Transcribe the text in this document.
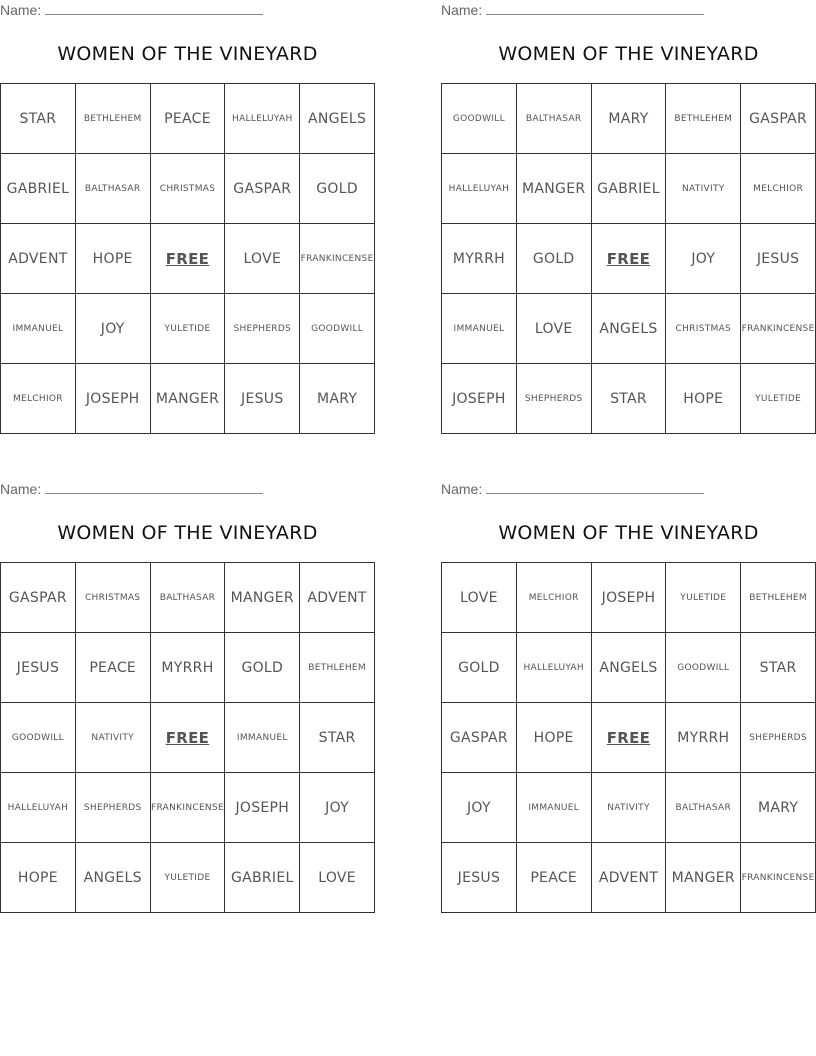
Name:
WOMEN OF THE VINEYARD
STAR	BETHLEHEM	PEACE	HALLELUYAH	ANGELS
GABRIEL	BALTHASAR	CHRISTMAS	GASPAR	GOLD
ADVENT	HOPE	FREE	LOVE	FRANKINCENSE
IMMANUEL	JOY	YULETIDE	SHEPHERDS	GOODWILL
MELCHIOR	JOSEPH	MANGER	JESUS	MARY
Name:
WOMEN OF THE VINEYARD
GOODWILL	BALTHASAR	MARY	BETHLEHEM	GASPAR
HALLELUYAH	MANGER	GABRIEL	NATIVITY	MELCHIOR
MYRRH	GOLD	FREE	JOY	JESUS
IMMANUEL	LOVE	ANGELS	CHRISTMAS	FRANKINCENSE
JOSEPH	SHEPHERDS	STAR	HOPE	YULETIDE
Name:
WOMEN OF THE VINEYARD
GASPAR	CHRISTMAS	BALTHASAR	MANGER	ADVENT
JESUS	PEACE	MYRRH	GOLD	BETHLEHEM
GOODWILL	NATIVITY	FREE	IMMANUEL	STAR
HALLELUYAH	SHEPHERDS	FRANKINCENSE	JOSEPH	JOY
HOPE	ANGELS	YULETIDE	GABRIEL	LOVE
Name:
WOMEN OF THE VINEYARD
LOVE	MELCHIOR	JOSEPH	YULETIDE	BETHLEHEM
GOLD	HALLELUYAH	ANGELS	GOODWILL	STAR
GASPAR	HOPE	FREE	MYRRH	SHEPHERDS
JOY	IMMANUEL	NATIVITY	BALTHASAR	MARY
JESUS	PEACE	ADVENT	MANGER	FRANKINCENSE
